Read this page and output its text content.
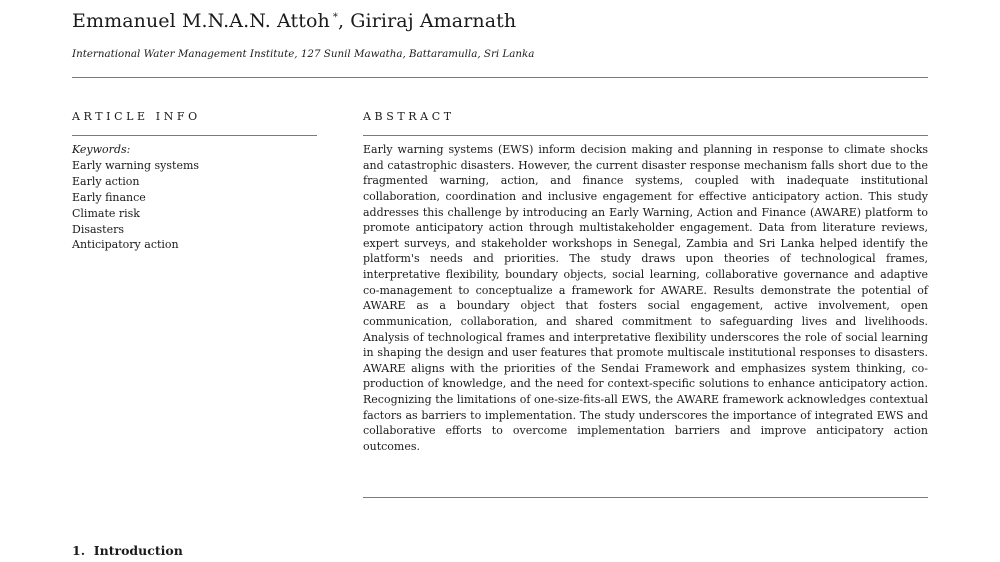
Emmanuel M.N.A.N. Attoh *, Giriraj Amarnath
International Water Management Institute, 127 Sunil Mawatha, Battaramulla, Sri Lanka
ARTICLE INFO	ABSTRACT
Keywords:
Early warning systems
Early action
Early finance
Climate risk
Disasters
Anticipatory action
Early warning systems (EWS) inform decision making and planning in response to climate shocks and catastrophic disasters. However, the current disaster response mechanism falls short due to the fragmented warning, action, and finance systems, coupled with inadequate institutional collaboration, coordination and inclusive engagement for effective anticipatory action. This study addresses this challenge by introducing an Early Warning, Action and Finance (AWARE) platform to promote anticipatory action through multistakeholder engagement. Data from literature reviews, expert surveys, and stakeholder workshops in Senegal, Zambia and Sri Lanka helped identify the platform's needs and priorities. The study draws upon theories of technological frames, interpretative flexibility, boundary objects, social learning, collaborative governance and adaptive co-management to conceptualize a framework for AWARE. Results demonstrate the potential of AWARE as a boundary object that fosters social engagement, active involvement, open communication, collaboration, and shared commitment to safeguarding lives and livelihoods. Analysis of technological frames and interpretative flexibility underscores the role of social learning in shaping the design and user features that promote multiscale institutional responses to disasters. AWARE aligns with the priorities of the Sendai Framework and emphasizes system thinking, co-production of knowledge, and the need for context-specific solutions to enhance anticipatory action. Recognizing the limitations of one-size-fits-all EWS, the AWARE framework acknowledges contextual factors as barriers to implementation. The study underscores the importance of integrated EWS and collaborative efforts to overcome implementation barriers and improve anticipatory action outcomes.
1. Introduction
